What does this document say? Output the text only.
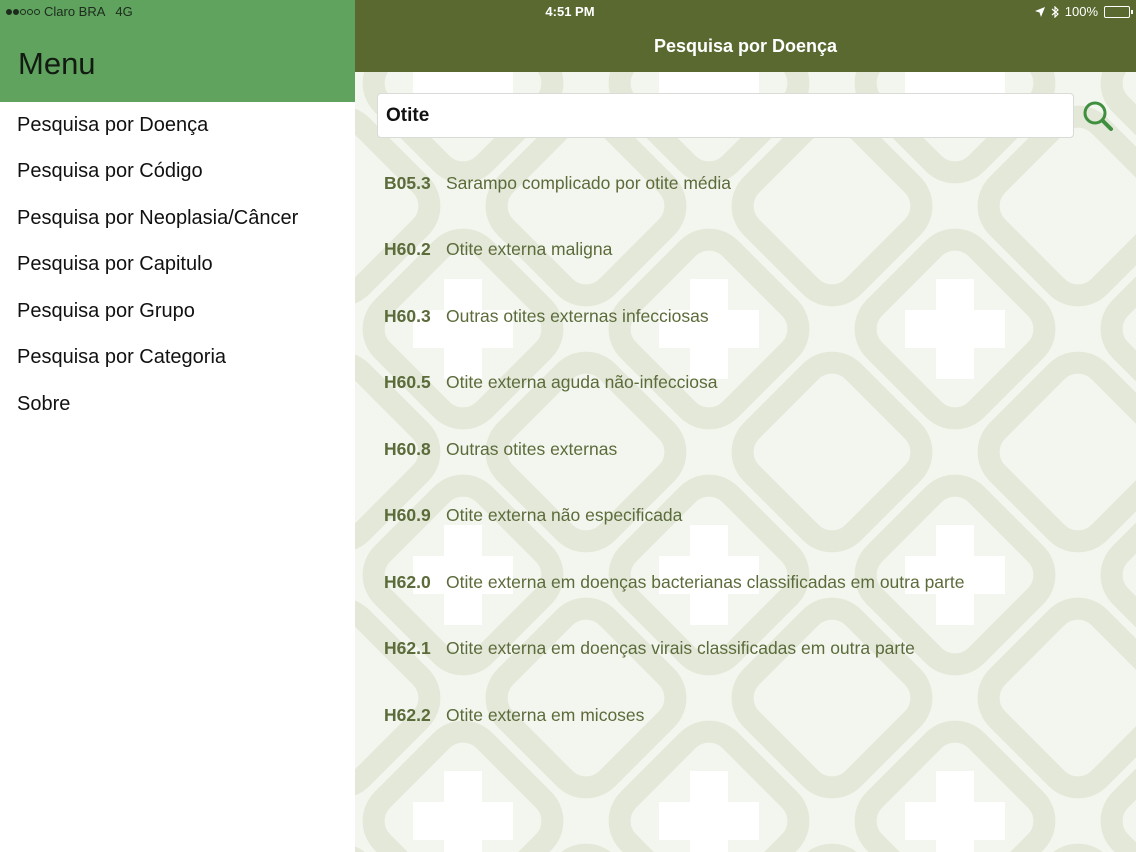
Claro BRA 4G
Menu
Pesquisa por Doença
Pesquisa por Código
Pesquisa por Neoplasia/Câncer
Pesquisa por Capitulo
Pesquisa por Grupo
Pesquisa por Categoria
Sobre
4:51 PM	100%
Pesquisa por Doença
Otite
B05.3 Sarampo complicado por otite média
H60.2 Otite externa maligna
H60.3 Outras otites externas infecciosas
H60.5 Otite externa aguda não-infecciosa
H60.8 Outras otites externas
H60.9 Otite externa não especificada
H62.0 Otite externa em doenças bacterianas classificadas em outra parte
H62.1 Otite externa em doenças virais classificadas em outra parte
H62.2 Otite externa em micoses
